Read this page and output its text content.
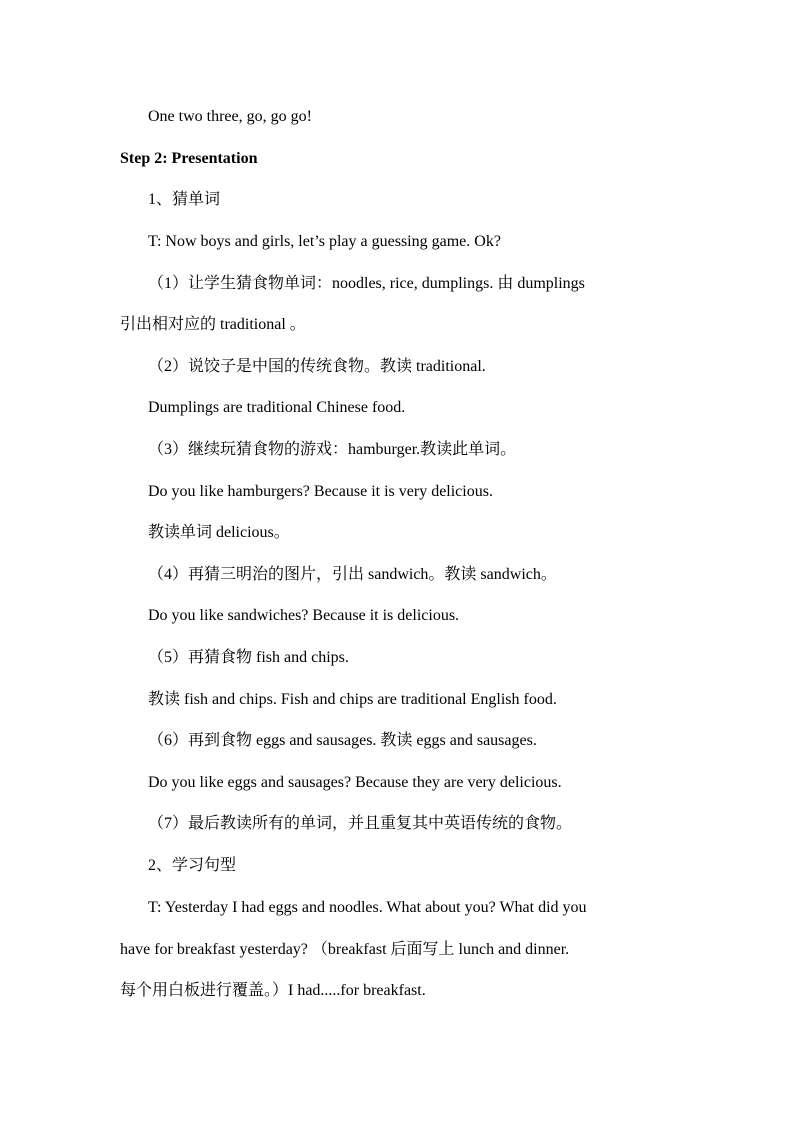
One two three, go, go go!
Step 2: Presentation
1、猜单词
T: Now boys and girls, let’s play a guessing game. Ok?
（1）让学生猜食物单词：noodles, rice, dumplings. 由 dumplings
引出相对应的 traditional 。
（2）说饺子是中国的传统食物。教读 traditional.
Dumplings are traditional Chinese food.
（3）继续玩猜食物的游戏：hamburger.教读此单词。
Do you like hamburgers? Because it is very delicious.
教读单词 delicious。
（4）再猜三明治的图片，引出 sandwich。教读 sandwich。
Do you like sandwiches? Because it is delicious.
（5）再猜食物 fish and chips.
教读 fish and chips. Fish and chips are traditional English food.
（6）再到食物 eggs and sausages. 教读 eggs and sausages.
Do you like eggs and sausages? Because they are very delicious.
（7）最后教读所有的单词，并且重复其中英语传统的食物。
2、学习句型
T: Yesterday I had eggs and noodles. What about you? What did you
have for breakfast yesterday? （breakfast 后面写上 lunch and dinner.
每个用白板进行覆盖。）I had.....for breakfast.
